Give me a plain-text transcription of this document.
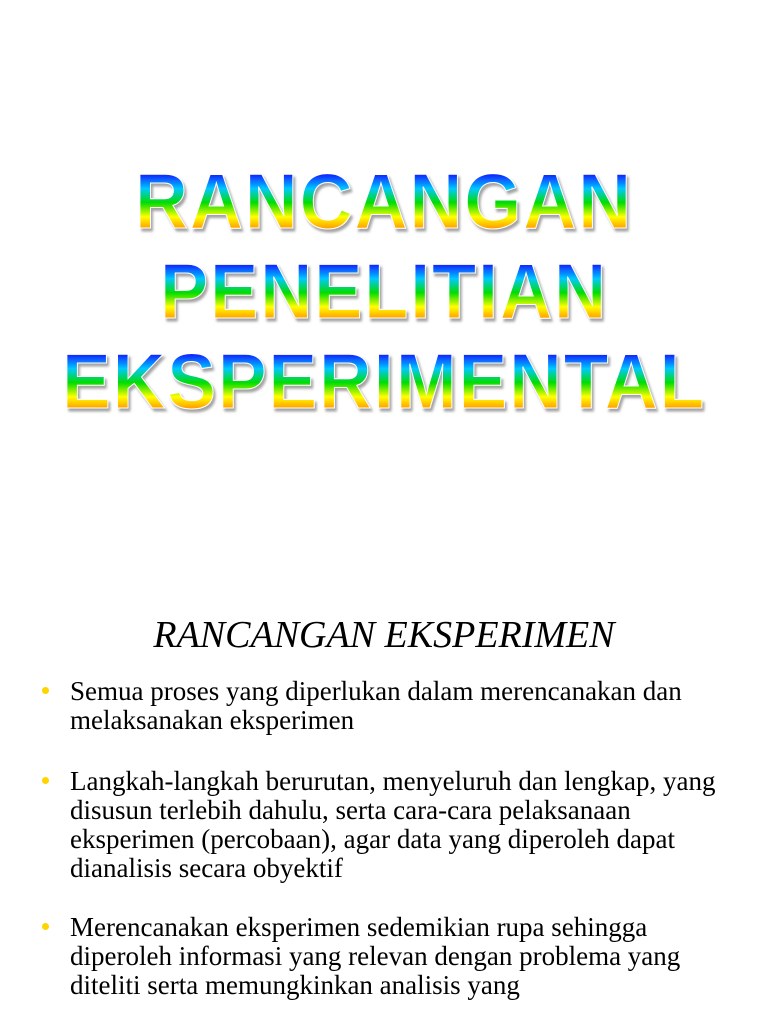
RANCANGAN
PENELITIAN
EKSPERIMENTAL
RANCANGAN EKSPERIMEN
Semua proses yang diperlukan dalam merencanakan dan melaksanakan eksperimen
Langkah-langkah berurutan, menyeluruh dan lengkap, yang disusun terlebih dahulu, serta cara-cara pelaksanaan eksperimen (percobaan), agar data yang diperoleh dapat dianalisis secara obyektif
Merencanakan eksperimen sedemikian rupa sehingga diperoleh informasi yang relevan dengan problema yang diteliti serta memungkinkan analisis yang
